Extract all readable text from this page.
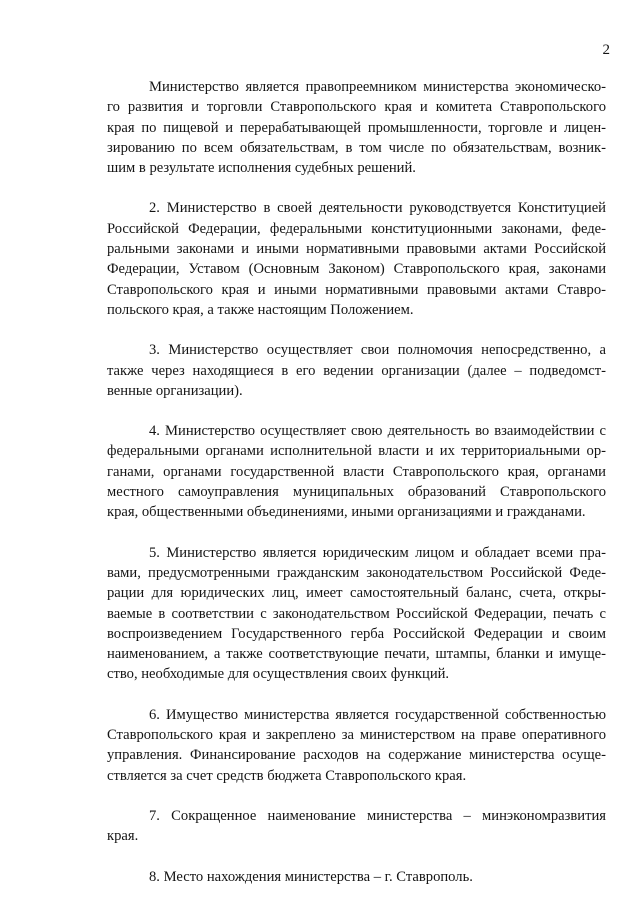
2
Министерство является правопреемником министерства экономическо-
го развития и торговли Ставропольского края и комитета Ставропольского
края по пищевой и перерабатывающей промышленности, торговле и лицен-
зированию по всем обязательствам, в том числе по обязательствам, возник-
шим в результате исполнения судебных решений.
2. Министерство в своей деятельности руководствуется Конституцией
Российской Федерации, федеральными конституционными законами, феде-
ральными законами и иными нормативными правовыми актами Российской
Федерации, Уставом (Основным Законом) Ставропольского края, законами
Ставропольского края и иными нормативными правовыми актами Ставро-
польского края, а также настоящим Положением.
3. Министерство осуществляет свои полномочия непосредственно, а
также через находящиеся в его ведении организации (далее – подведомст-
венные организации).
4. Министерство осуществляет свою деятельность во взаимодействии с
федеральными органами исполнительной власти и их территориальными ор-
ганами, органами государственной власти Ставропольского края, органами
местного самоуправления муниципальных образований Ставропольского
края, общественными объединениями, иными организациями и гражданами.
5. Министерство является юридическим лицом и обладает всеми пра-
вами, предусмотренными гражданским законодательством Российской Феде-
рации для юридических лиц, имеет самостоятельный баланс, счета, откры-
ваемые в соответствии с законодательством Российской Федерации, печать с
воспроизведением Государственного герба Российской Федерации и своим
наименованием, а также соответствующие печати, штампы, бланки и имуще-
ство, необходимые для осуществления своих функций.
6. Имущество министерства является государственной собственностью
Ставропольского края и закреплено за министерством на праве оперативного
управления. Финансирование расходов на содержание министерства осуще-
ствляется за счет средств бюджета Ставропольского края.
7. Сокращенное наименование министерства – минэкономразвития
края.
8. Место нахождения министерства – г. Ставрополь.
